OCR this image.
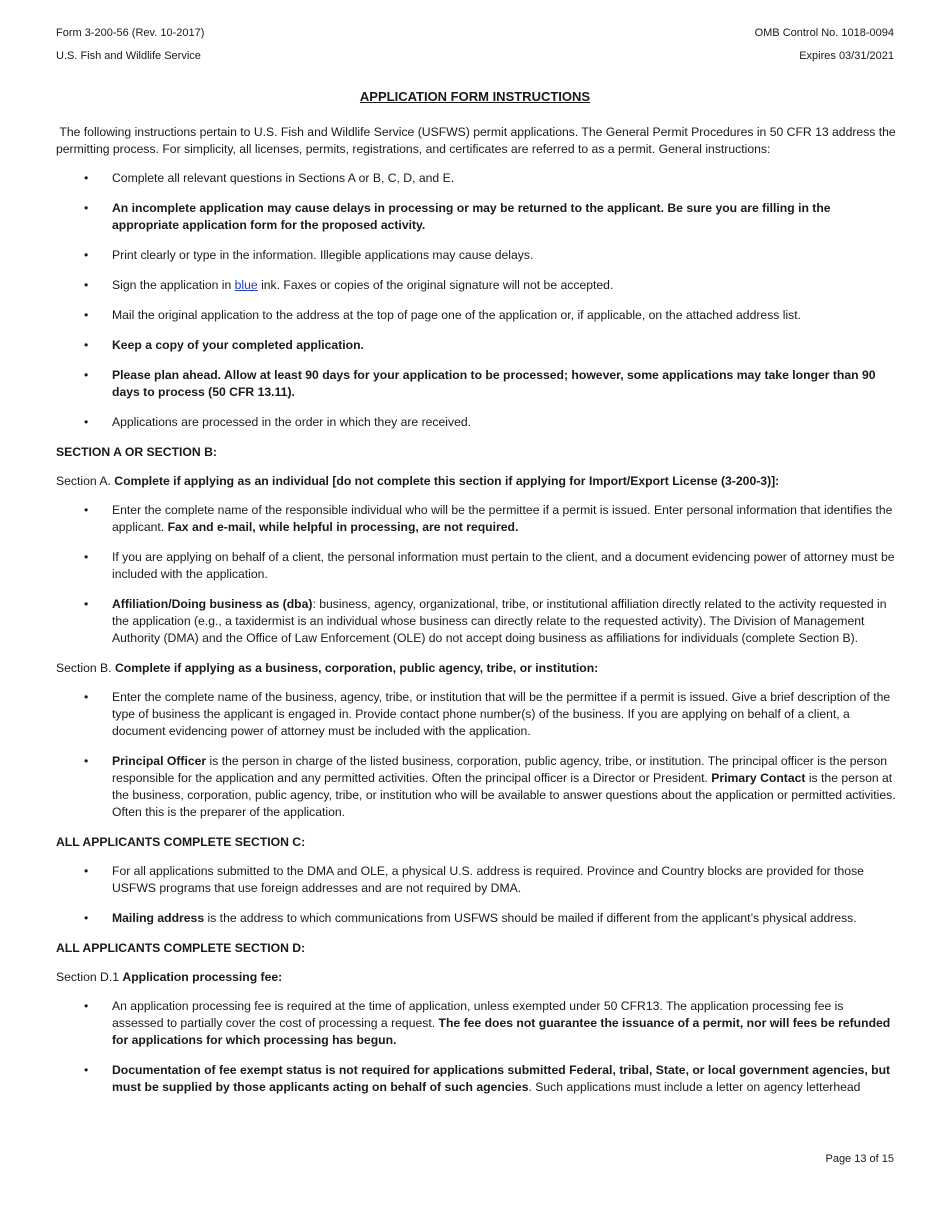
Form 3-200-56 (Rev. 10-2017)
U.S. Fish and Wildlife Service
OMB Control No. 1018-0094
Expires 03/31/2021
APPLICATION FORM INSTRUCTIONS

The following instructions pertain to U.S. Fish and Wildlife Service (USFWS) permit applications. The General Permit Procedures in 50 CFR 13 address the permitting process. For simplicity, all licenses, permits, registrations, and certificates are referred to as a permit. General instructions:

• Complete all relevant questions in Sections A or B, C, D, and E.
• An incomplete application may cause delays in processing or may be returned to the applicant. Be sure you are filling in the appropriate application form for the proposed activity.
• Print clearly or type in the information. Illegible applications may cause delays.
• Sign the application in blue ink. Faxes or copies of the original signature will not be accepted.
• Mail the original application to the address at the top of page one of the application or, if applicable, on the attached address list.
• Keep a copy of your completed application.
• Please plan ahead. Allow at least 90 days for your application to be processed; however, some applications may take longer than 90 days to process (50 CFR 13.11).
• Applications are processed in the order in which they are received.

SECTION A OR SECTION B:

Section A. Complete if applying as an individual [do not complete this section if applying for Import/Export License (3-200-3)]:

• Enter the complete name of the responsible individual who will be the permittee if a permit is issued. Enter personal information that identifies the applicant. Fax and e-mail, while helpful in processing, are not required.
• If you are applying on behalf of a client, the personal information must pertain to the client, and a document evidencing power of attorney must be included with the application.
• Affiliation/Doing business as (dba): business, agency, organizational, tribe, or institutional affiliation directly related to the activity requested in the application (e.g., a taxidermist is an individual whose business can directly relate to the requested activity). The Division of Management Authority (DMA) and the Office of Law Enforcement (OLE) do not accept doing business as affiliations for individuals (complete Section B).

Section B. Complete if applying as a business, corporation, public agency, tribe, or institution:

• Enter the complete name of the business, agency, tribe, or institution that will be the permittee if a permit is issued. Give a brief description of the type of business the applicant is engaged in. Provide contact phone number(s) of the business. If you are applying on behalf of a client, a document evidencing power of attorney must be included with the application.
• Principal Officer is the person in charge of the listed business, corporation, public agency, tribe, or institution. The principal officer is the person responsible for the application and any permitted activities. Often the principal officer is a Director or President. Primary Contact is the person at the business, corporation, public agency, tribe, or institution who will be available to answer questions about the application or permitted activities. Often this is the preparer of the application.

ALL APPLICANTS COMPLETE SECTION C:

• For all applications submitted to the DMA and OLE, a physical U.S. address is required. Province and Country blocks are provided for those USFWS programs that use foreign addresses and are not required by DMA.
• Mailing address is the address to which communications from USFWS should be mailed if different from the applicant’s physical address.

ALL APPLICANTS COMPLETE SECTION D:

Section D.1 Application processing fee:

• An application processing fee is required at the time of application, unless exempted under 50 CFR13. The application processing fee is assessed to partially cover the cost of processing a request. The fee does not guarantee the issuance of a permit, nor will fees be refunded for applications for which processing has begun.
• Documentation of fee exempt status is not required for applications submitted Federal, tribal, State, or local government agencies, but must be supplied by those applicants acting on behalf of such agencies. Such applications must include a letter on agency letterhead
Page 13 of 15
